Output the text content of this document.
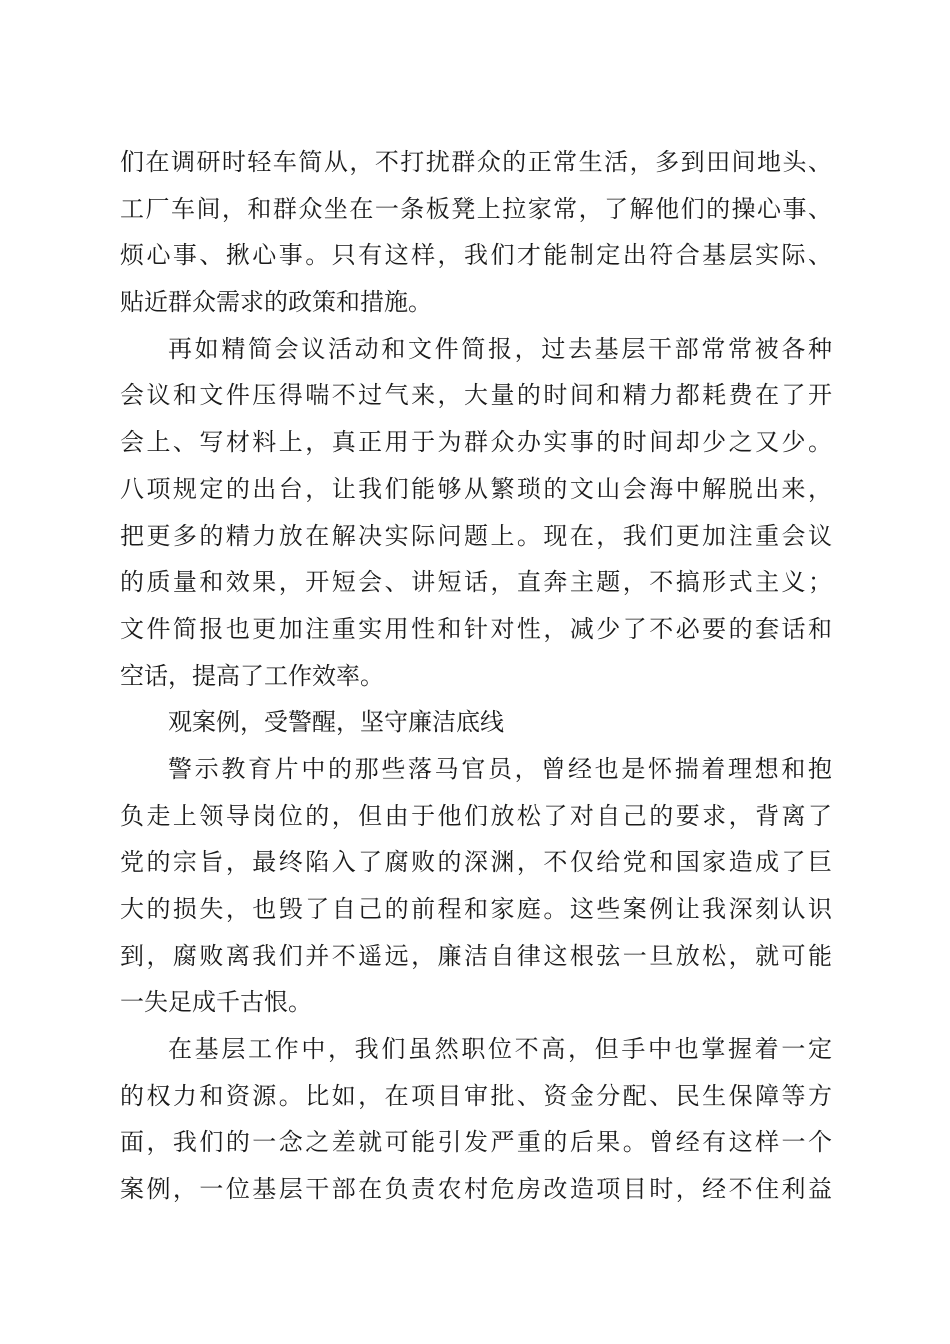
们在调研时轻车简从，不打扰群众的正常生活，多到田间地头、
工厂车间，和群众坐在一条板凳上拉家常，了解他们的操心事、
烦心事、揪心事。只有这样，我们才能制定出符合基层实际、
贴近群众需求的政策和措施。
再如精简会议活动和文件简报，过去基层干部常常被各种
会议和文件压得喘不过气来，大量的时间和精力都耗费在了开
会上、写材料上，真正用于为群众办实事的时间却少之又少。
八项规定的出台，让我们能够从繁琐的文山会海中解脱出来，
把更多的精力放在解决实际问题上。现在，我们更加注重会议
的质量和效果，开短会、讲短话，直奔主题，不搞形式主义；
文件简报也更加注重实用性和针对性，减少了不必要的套话和
空话，提高了工作效率。
观案例，受警醒，坚守廉洁底线
警示教育片中的那些落马官员，曾经也是怀揣着理想和抱
负走上领导岗位的，但由于他们放松了对自己的要求，背离了
党的宗旨，最终陷入了腐败的深渊，不仅给党和国家造成了巨
大的损失，也毁了自己的前程和家庭。这些案例让我深刻认识
到，腐败离我们并不遥远，廉洁自律这根弦一旦放松，就可能
一失足成千古恨。
在基层工作中，我们虽然职位不高，但手中也掌握着一定
的权力和资源。比如，在项目审批、资金分配、民生保障等方
面，我们的一念之差就可能引发严重的后果。曾经有这样一个
案例，一位基层干部在负责农村危房改造项目时，经不住利益
